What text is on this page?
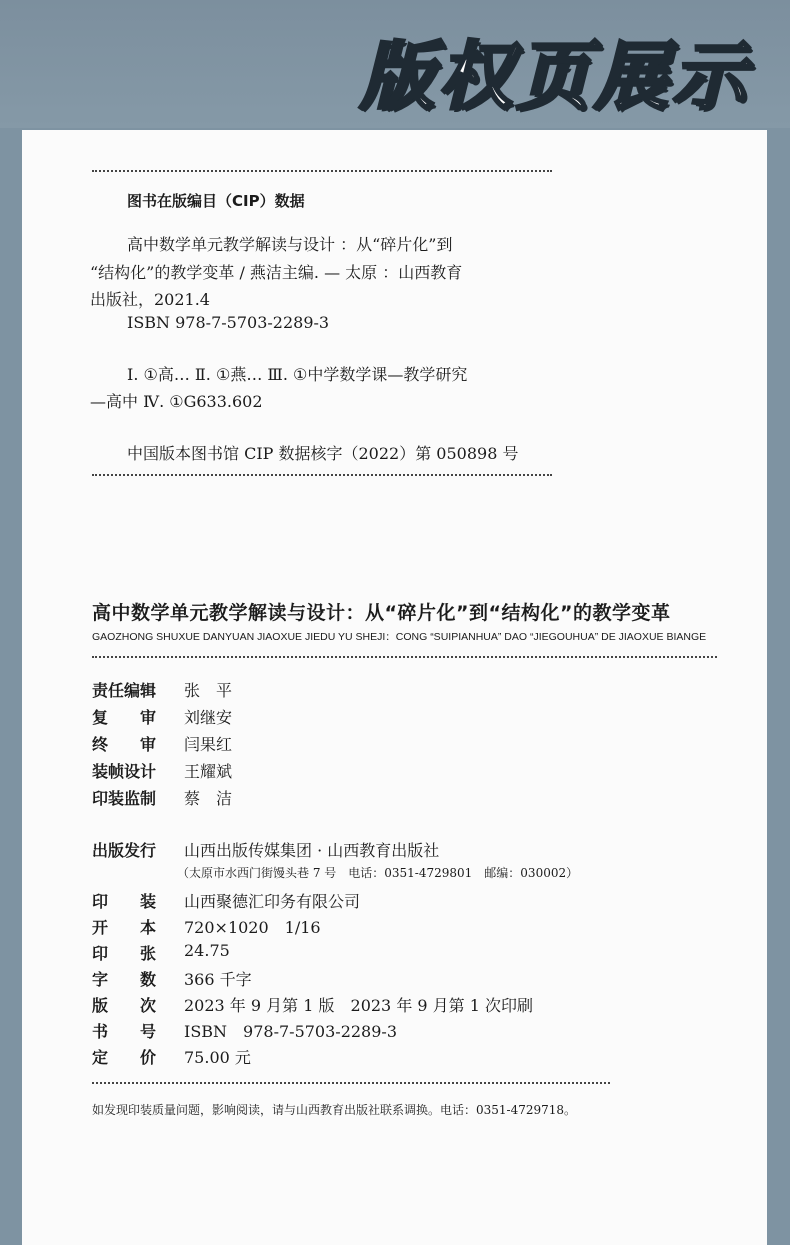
版权页展示
图书在版编目（CIP）数据
高中数学单元教学解读与设计 ：从“碎片化”到
“结构化”的教学变革 / 燕洁主编. — 太原 ：山西教育
出版社，2021.4
ISBN 978-7-5703-2289-3
Ⅰ. ①高… Ⅱ. ①燕… Ⅲ. ①中学数学课—教学研究
—高中 Ⅳ. ①G633.602
中国版本图书馆 CIP 数据核字（2022）第 050898 号
高中数学单元教学解读与设计：从“碎片化”到“结构化”的教学变革
GAOZHONG SHUXUE DANYUAN JIAOXUE JIEDU YU SHEJI：CONG “SUIPIANHUA” DAO “JIEGOUHUA” DE JIAOXUE BIANGE
责任编辑 张　平
复　　审 刘继安
终　　审 闫果红
装帧设计 王耀斌
印装监制 蔡　洁
出版发行 山西出版传媒集团 · 山西教育出版社
（太原市水西门街馒头巷 7 号　电话：0351-4729801　邮编：030002）
印　　装 山西聚德汇印务有限公司
开　　本 720×1020　1/16
印　　张 24.75
字　　数 366 千字
版　　次 2023 年 9 月第 1 版　2023 年 9 月第 1 次印刷
书　　号 ISBN　978-7-5703-2289-3
定　　价 75.00 元
如发现印装质量问题，影响阅读，请与山西教育出版社联系调换。电话：0351-4729718。
